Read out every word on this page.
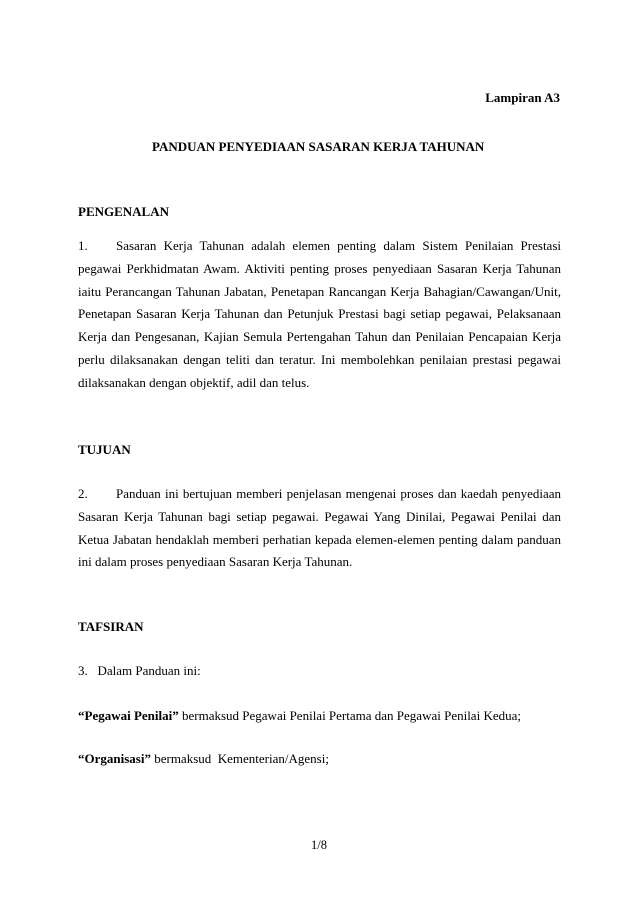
Lampiran A3
PANDUAN PENYEDIAAN SASARAN KERJA TAHUNAN
PENGENALAN
1. Sasaran Kerja Tahunan adalah elemen penting dalam Sistem Penilaian Prestasi pegawai Perkhidmatan Awam. Aktiviti penting proses penyediaan Sasaran Kerja Tahunan iaitu Perancangan Tahunan Jabatan, Penetapan Rancangan Kerja Bahagian/Cawangan/Unit, Penetapan Sasaran Kerja Tahunan dan Petunjuk Prestasi bagi setiap pegawai, Pelaksanaan Kerja dan Pengesanan, Kajian Semula Pertengahan Tahun dan Penilaian Pencapaian Kerja perlu dilaksanakan dengan teliti dan teratur. Ini membolehkan penilaian prestasi pegawai dilaksanakan dengan objektif, adil dan telus.
TUJUAN
2. Panduan ini bertujuan memberi penjelasan mengenai proses dan kaedah penyediaan Sasaran Kerja Tahunan bagi setiap pegawai. Pegawai Yang Dinilai, Pegawai Penilai dan Ketua Jabatan hendaklah memberi perhatian kepada elemen-elemen penting dalam panduan ini dalam proses penyediaan Sasaran Kerja Tahunan.
TAFSIRAN
3.   Dalam Panduan ini:
“Pegawai Penilai” bermaksud Pegawai Penilai Pertama dan Pegawai Penilai Kedua;
“Organisasi” bermaksud  Kementerian/Agensi;
1/8
